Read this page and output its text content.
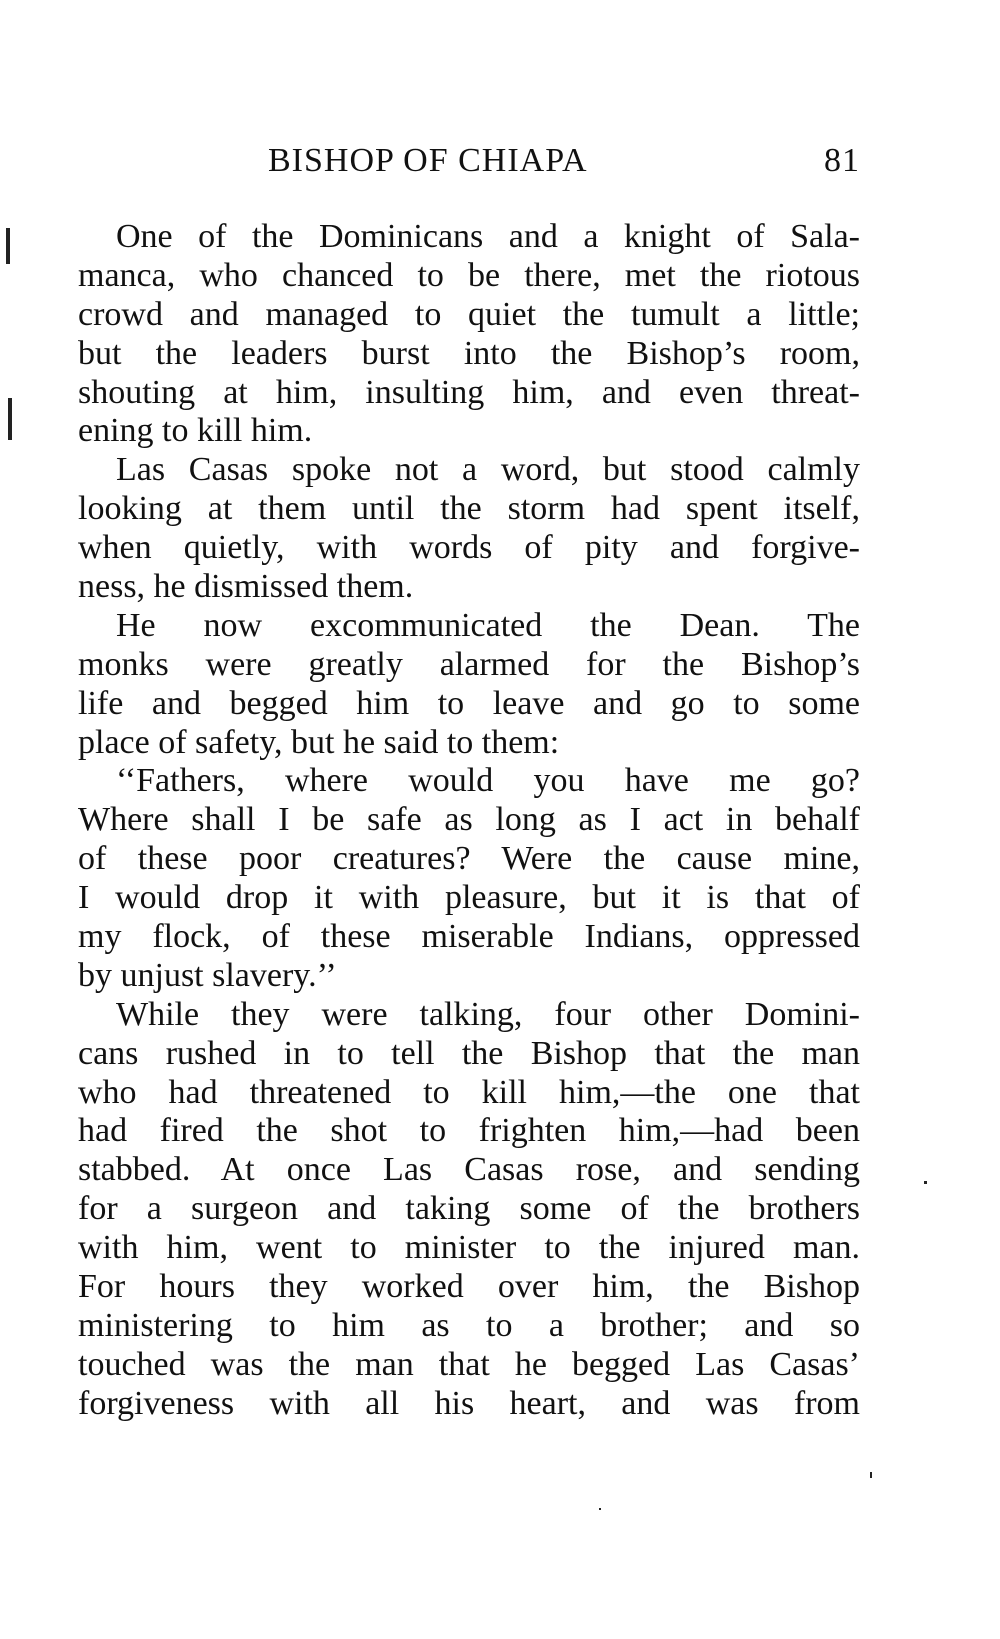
BISHOP OF CHIAPA	81
One of the Dominicans and a knight of Sala-
manca, who chanced to be there, met the riotous
crowd and managed to quiet the tumult a little;
but the leaders burst into the Bishop’s room,
shouting at him, insulting him, and even threat-
ening to kill him.
Las Casas spoke not a word, but stood calmly
looking at them until the storm had spent itself,
when quietly, with words of pity and forgive-
ness, he dismissed them.
He now excommunicated the Dean. The
monks were greatly alarmed for the Bishop’s
life and begged him to leave and go to some
place of safety, but he said to them:
‘‘Fathers, where would you have me go?
Where shall I be safe as long as I act in behalf
of these poor creatures? Were the cause mine,
I would drop it with pleasure, but it is that of
my flock, of these miserable Indians, oppressed
by unjust slavery.’’
While they were talking, four other Domini-
cans rushed in to tell the Bishop that the man
who had threatened to kill him,—the one that
had fired the shot to frighten him,—had been
stabbed. At once Las Casas rose, and sending
for a surgeon and taking some of the brothers
with him, went to minister to the injured man.
For hours they worked over him, the Bishop
ministering to him as to a brother; and so
touched was the man that he begged Las Casas’
forgiveness with all his heart, and was from
